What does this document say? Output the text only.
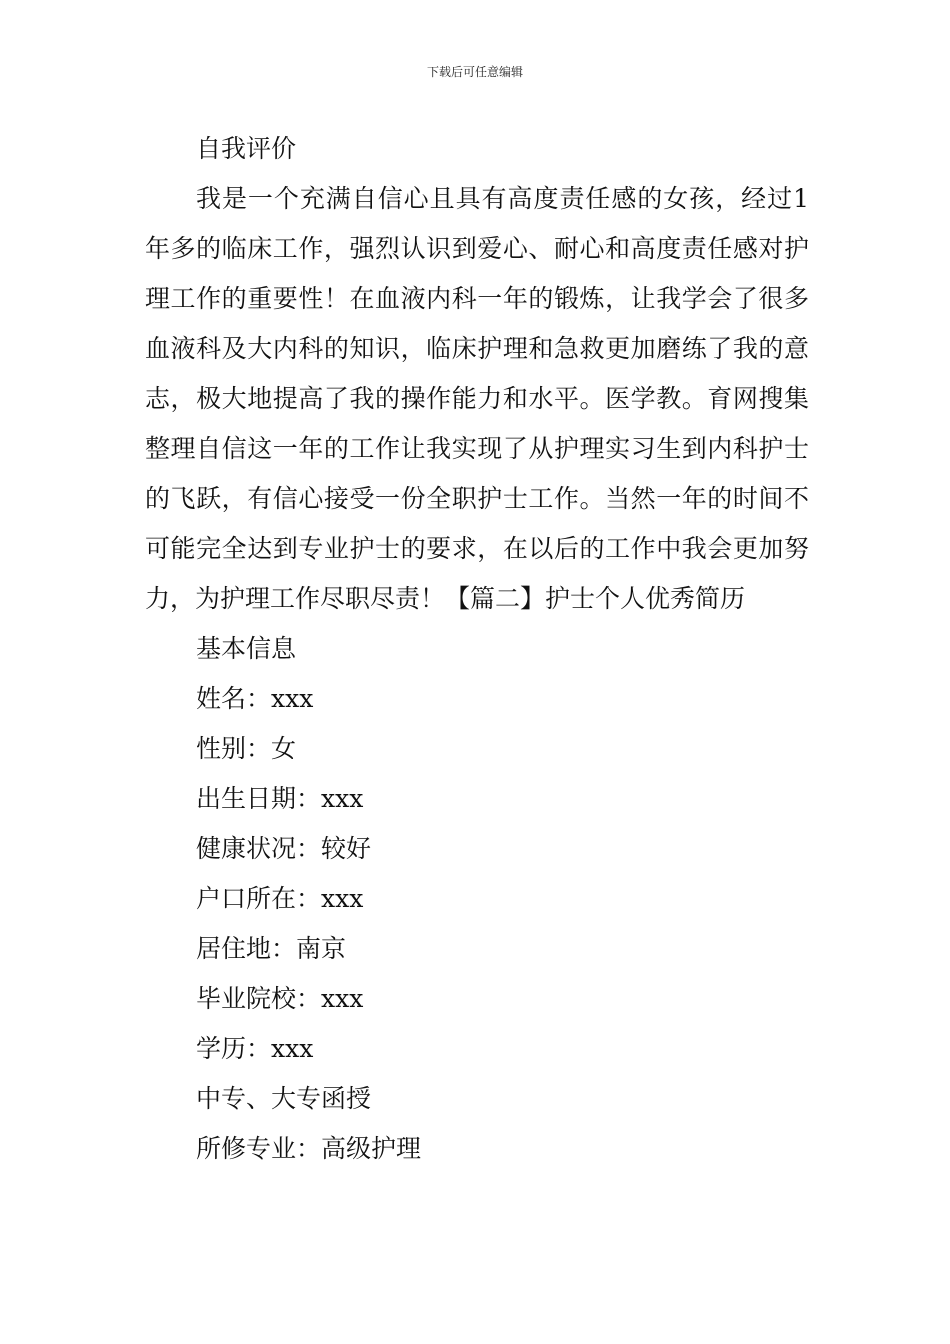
下载后可任意编辑

自我评价

我是一个充满自信心且具有高度责任感的女孩，经过1年多的临床工作，强烈认识到爱心、耐心和高度责任感对护理工作的重要性！在血液内科一年的锻炼，让我学会了很多血液科及大内科的知识，临床护理和急救更加磨练了我的意志，极大地提高了我的操作能力和水平。医学教。育网搜集整理自信这一年的工作让我实现了从护理实习生到内科护士的飞跃，有信心接受一份全职护士工作。当然一年的时间不可能完全达到专业护士的要求，在以后的工作中我会更加努力，为护理工作尽职尽责！【篇二】护士个人优秀简历

基本信息

姓名：xxx

性别：女

出生日期：xxx

健康状况：较好

户口所在：xxx

居住地：南京

毕业院校：xxx

学历：xxx

中专、大专函授

所修专业：高级护理
